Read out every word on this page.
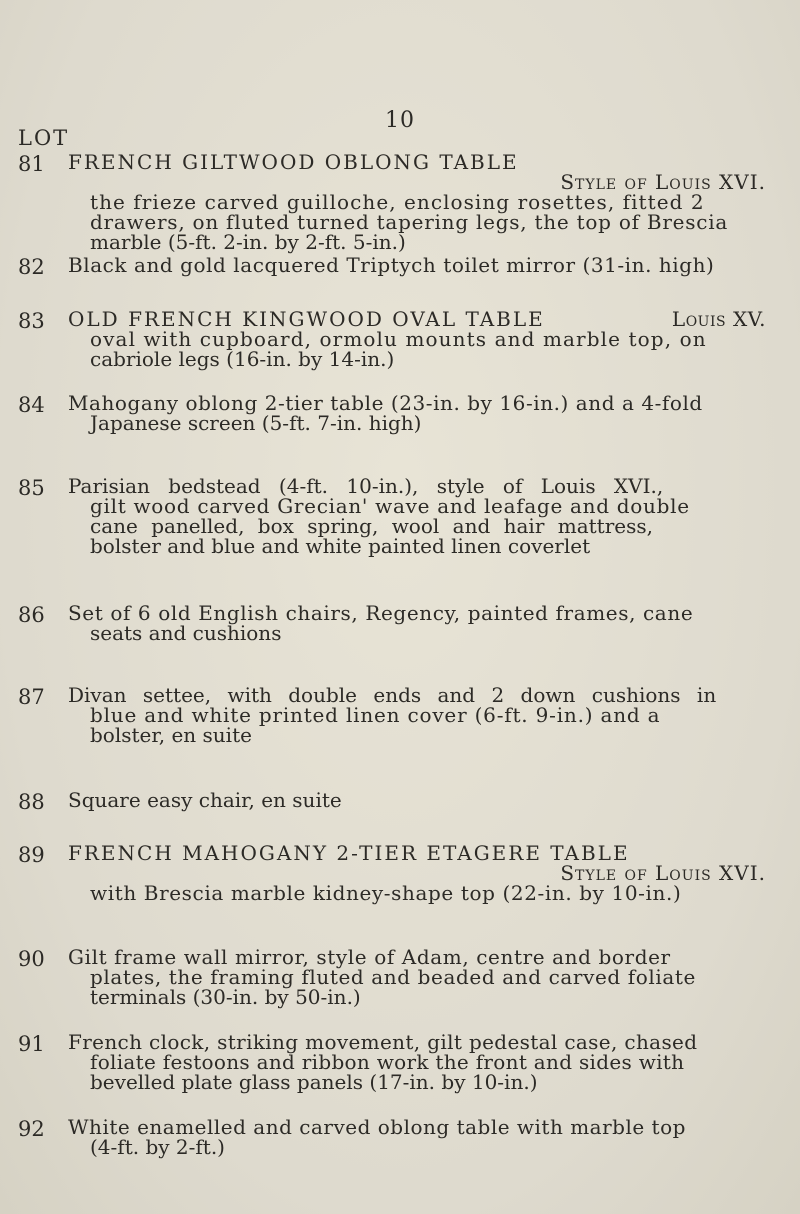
10
LOT
81	FRENCH GILTWOOD OBLONG TABLE
Style of Louis XVI.
the frieze carved guilloche, enclosing rosettes, fitted 2
drawers, on fluted turned tapering legs, the top of Brescia
marble (5-ft. 2-in. by 2-ft. 5-in.)
82	Black and gold lacquered Triptych toilet mirror (31-in. high)
83	OLD FRENCH KINGWOOD OVAL TABLE	Louis XV.
oval with cupboard, ormolu mounts and marble top, on
cabriole legs (16-in. by 14-in.)
84	Mahogany oblong 2-tier table (23-in. by 16-in.) and a 4-fold
Japanese screen (5-ft. 7-in. high)
85	Parisian bedstead (4-ft. 10-in.), style of Louis XVI.,
gilt wood carved Grecian' wave and leafage and double
cane panelled, box spring, wool and hair mattress,
bolster and blue and white painted linen coverlet
86	Set of 6 old English chairs, Regency, painted frames, cane
seats and cushions
87	Divan settee, with double ends and 2 down cushions in
blue and white printed linen cover (6-ft. 9-in.) and a
bolster, en suite
88	Square easy chair, en suite
89	FRENCH MAHOGANY 2-TIER ETAGERE TABLE
Style of Louis XVI.
with Brescia marble kidney-shape top (22-in. by 10-in.)
90	Gilt frame wall mirror, style of Adam, centre and border
plates, the framing fluted and beaded and carved foliate
terminals (30-in. by 50-in.)
91	French clock, striking movement, gilt pedestal case, chased
foliate festoons and ribbon work the front and sides with
bevelled plate glass panels (17-in. by 10-in.)
92	White enamelled and carved oblong table with marble top
(4-ft. by 2-ft.)
